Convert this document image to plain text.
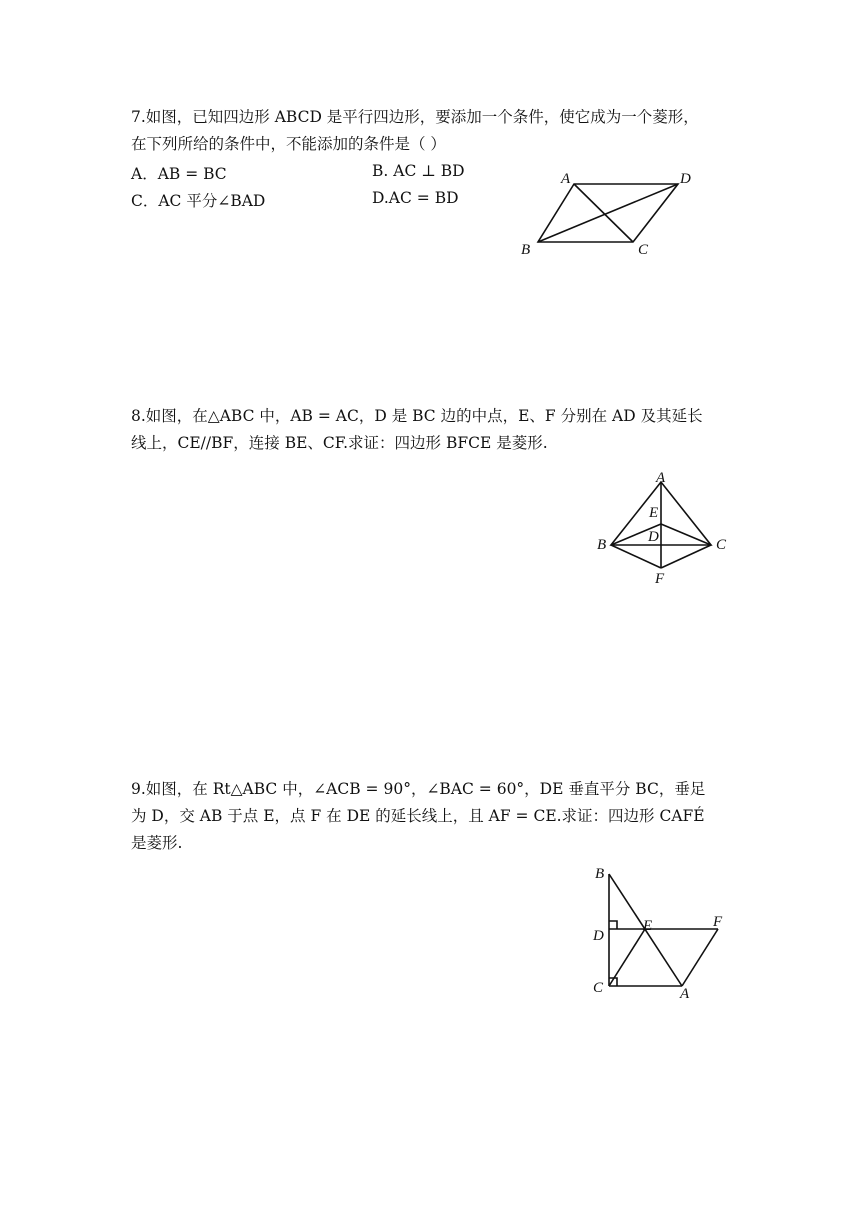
7.如图，已知四边形 ABCD 是平行四边形，要添加一个条件，使它成为一个菱形，

在下列所给的条件中，不能添加的条件是（ ）

A．AB = BC	B. AC ⊥ BD
C．AC 平分∠BAD	D.AC = BD
A	D
B	C

8.如图，在△ABC 中，AB = AC，D 是 BC 边的中点，E、F 分别在 AD 及其延长

线上，CE//BF，连接 BE、CF.求证：四边形 BFCE 是菱形.

A
E
D
B	C
F

9.如图，在 Rt△ABC 中，∠ACB = 90°，∠BAC = 60°，DE 垂直平分 BC，垂足

为 D，交 AB 于点 E，点 F 在 DE 的延长线上，且 AF = CE.求证：四边形 CAFÉ

是菱形.

B
D
E	F
C	A
